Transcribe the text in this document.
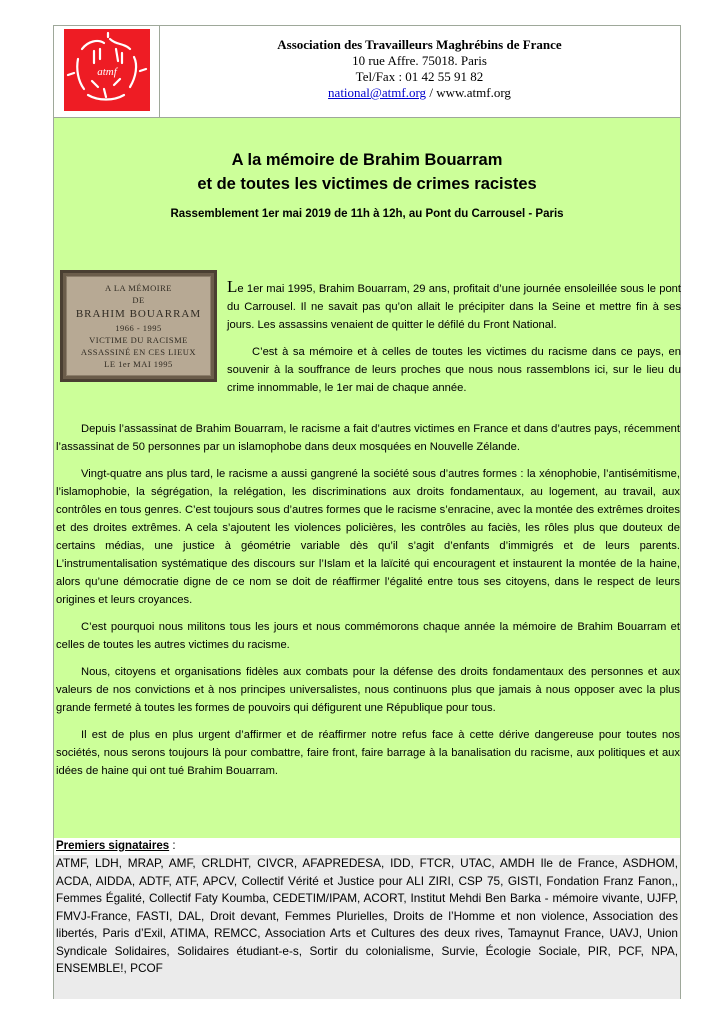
atmf
Association des Travailleurs Maghrébins de France
10 rue Affre. 75018. Paris
Tel/Fax : 01 42 55 91 82
national@atmf.org / www.atmf.org
A la mémoire de Brahim Bouarram
et de toutes les victimes de crimes racistes
Rassemblement 1er mai 2019 de 11h à 12h, au Pont du Carrousel - Paris
A LA MÉMOIRE
DE
BRAHIM BOUARRAM
1966 - 1995
VICTIME DU RACISME
ASSASSINÉ EN CES LIEUX
LE 1er MAI 1995

Le 1er mai 1995, Brahim Bouarram, 29 ans, profitait d’une journée ensoleillée sous le pont du Carrousel. Il ne savait pas qu’on allait le précipiter dans la Seine et mettre fin à ses jours. Les assassins venaient de quitter le défilé du Front National.

C’est à sa mémoire et à celles de toutes les victimes du racisme dans ce pays, en souvenir à la souffrance de leurs proches que nous nous rassemblons ici, sur le lieu du crime innommable, le 1er mai de chaque année.

Depuis l’assassinat de Brahim Bouarram, le racisme a fait d’autres victimes en France et dans d’autres pays, récemment l’assassinat de 50 personnes par un islamophobe dans deux mosquées en Nouvelle Zélande.

Vingt-quatre ans plus tard, le racisme a aussi gangrené la société sous d’autres formes : la xénophobie, l’antisémitisme, l’islamophobie, la ségrégation, la relégation, les discriminations aux droits fondamentaux, au logement, au travail, aux contrôles en tous genres. C’est toujours sous d’autres formes que le racisme s’enracine, avec la montée des extrêmes droites et des droites extrêmes. A cela s’ajoutent les violences policières, les contrôles au faciès, les rôles plus que douteux de certains médias, une justice à géométrie variable dès qu’il s’agit d’enfants d’immigrés et de leurs parents. L’instrumentalisation systématique des discours sur l’Islam et la laïcité qui encouragent et instaurent la montée de la haine, alors qu’une démocratie digne de ce nom se doit de réaffirmer l’égalité entre tous ses citoyens, dans le respect de leurs origines et leurs croyances.

C’est pourquoi nous militons tous les jours et nous commémorons chaque année la mémoire de Brahim Bouarram et celles de toutes les autres victimes du racisme.

Nous, citoyens et organisations fidèles aux combats pour la défense des droits fondamentaux des personnes et aux valeurs de nos convictions et à nos principes universalistes, nous continuons plus que jamais à nous opposer avec la plus grande fermeté à toutes les formes de pouvoirs qui défigurent une République pour tous.

Il est de plus en plus urgent d’affirmer et de réaffirmer notre refus face à cette dérive dangereuse pour toutes nos sociétés, nous serons toujours là pour combattre, faire front, faire barrage à la banalisation du racisme, aux politiques et aux idées de haine qui ont tué Brahim Bouarram.

Premiers signataires :
ATMF, LDH, MRAP, AMF, CRLDHT, CIVCR, AFAPREDESA, IDD, FTCR, UTAC, AMDH Ile de France, ASDHOM, ACDA, AIDDA, ADTF, ATF, APCV, Collectif Vérité et Justice pour ALI ZIRI, CSP 75, GISTI, Fondation Franz Fanon,, Femmes Égalité, Collectif Faty Koumba, CEDETIM/IPAM, ACORT, Institut Mehdi Ben Barka - mémoire vivante, UJFP, FMVJ-France, FASTI, DAL, Droit devant, Femmes Plurielles, Droits de l’Homme et non violence, Association des libertés, Paris d’Exil, ATIMA, REMCC, Association Arts et Cultures des deux rives, Tamaynut France, UAVJ, Union Syndicale Solidaires, Solidaires étudiant-e-s, Sortir du colonialisme, Survie, Écologie Sociale, PIR, PCF, NPA, ENSEMBLE!, PCOF
